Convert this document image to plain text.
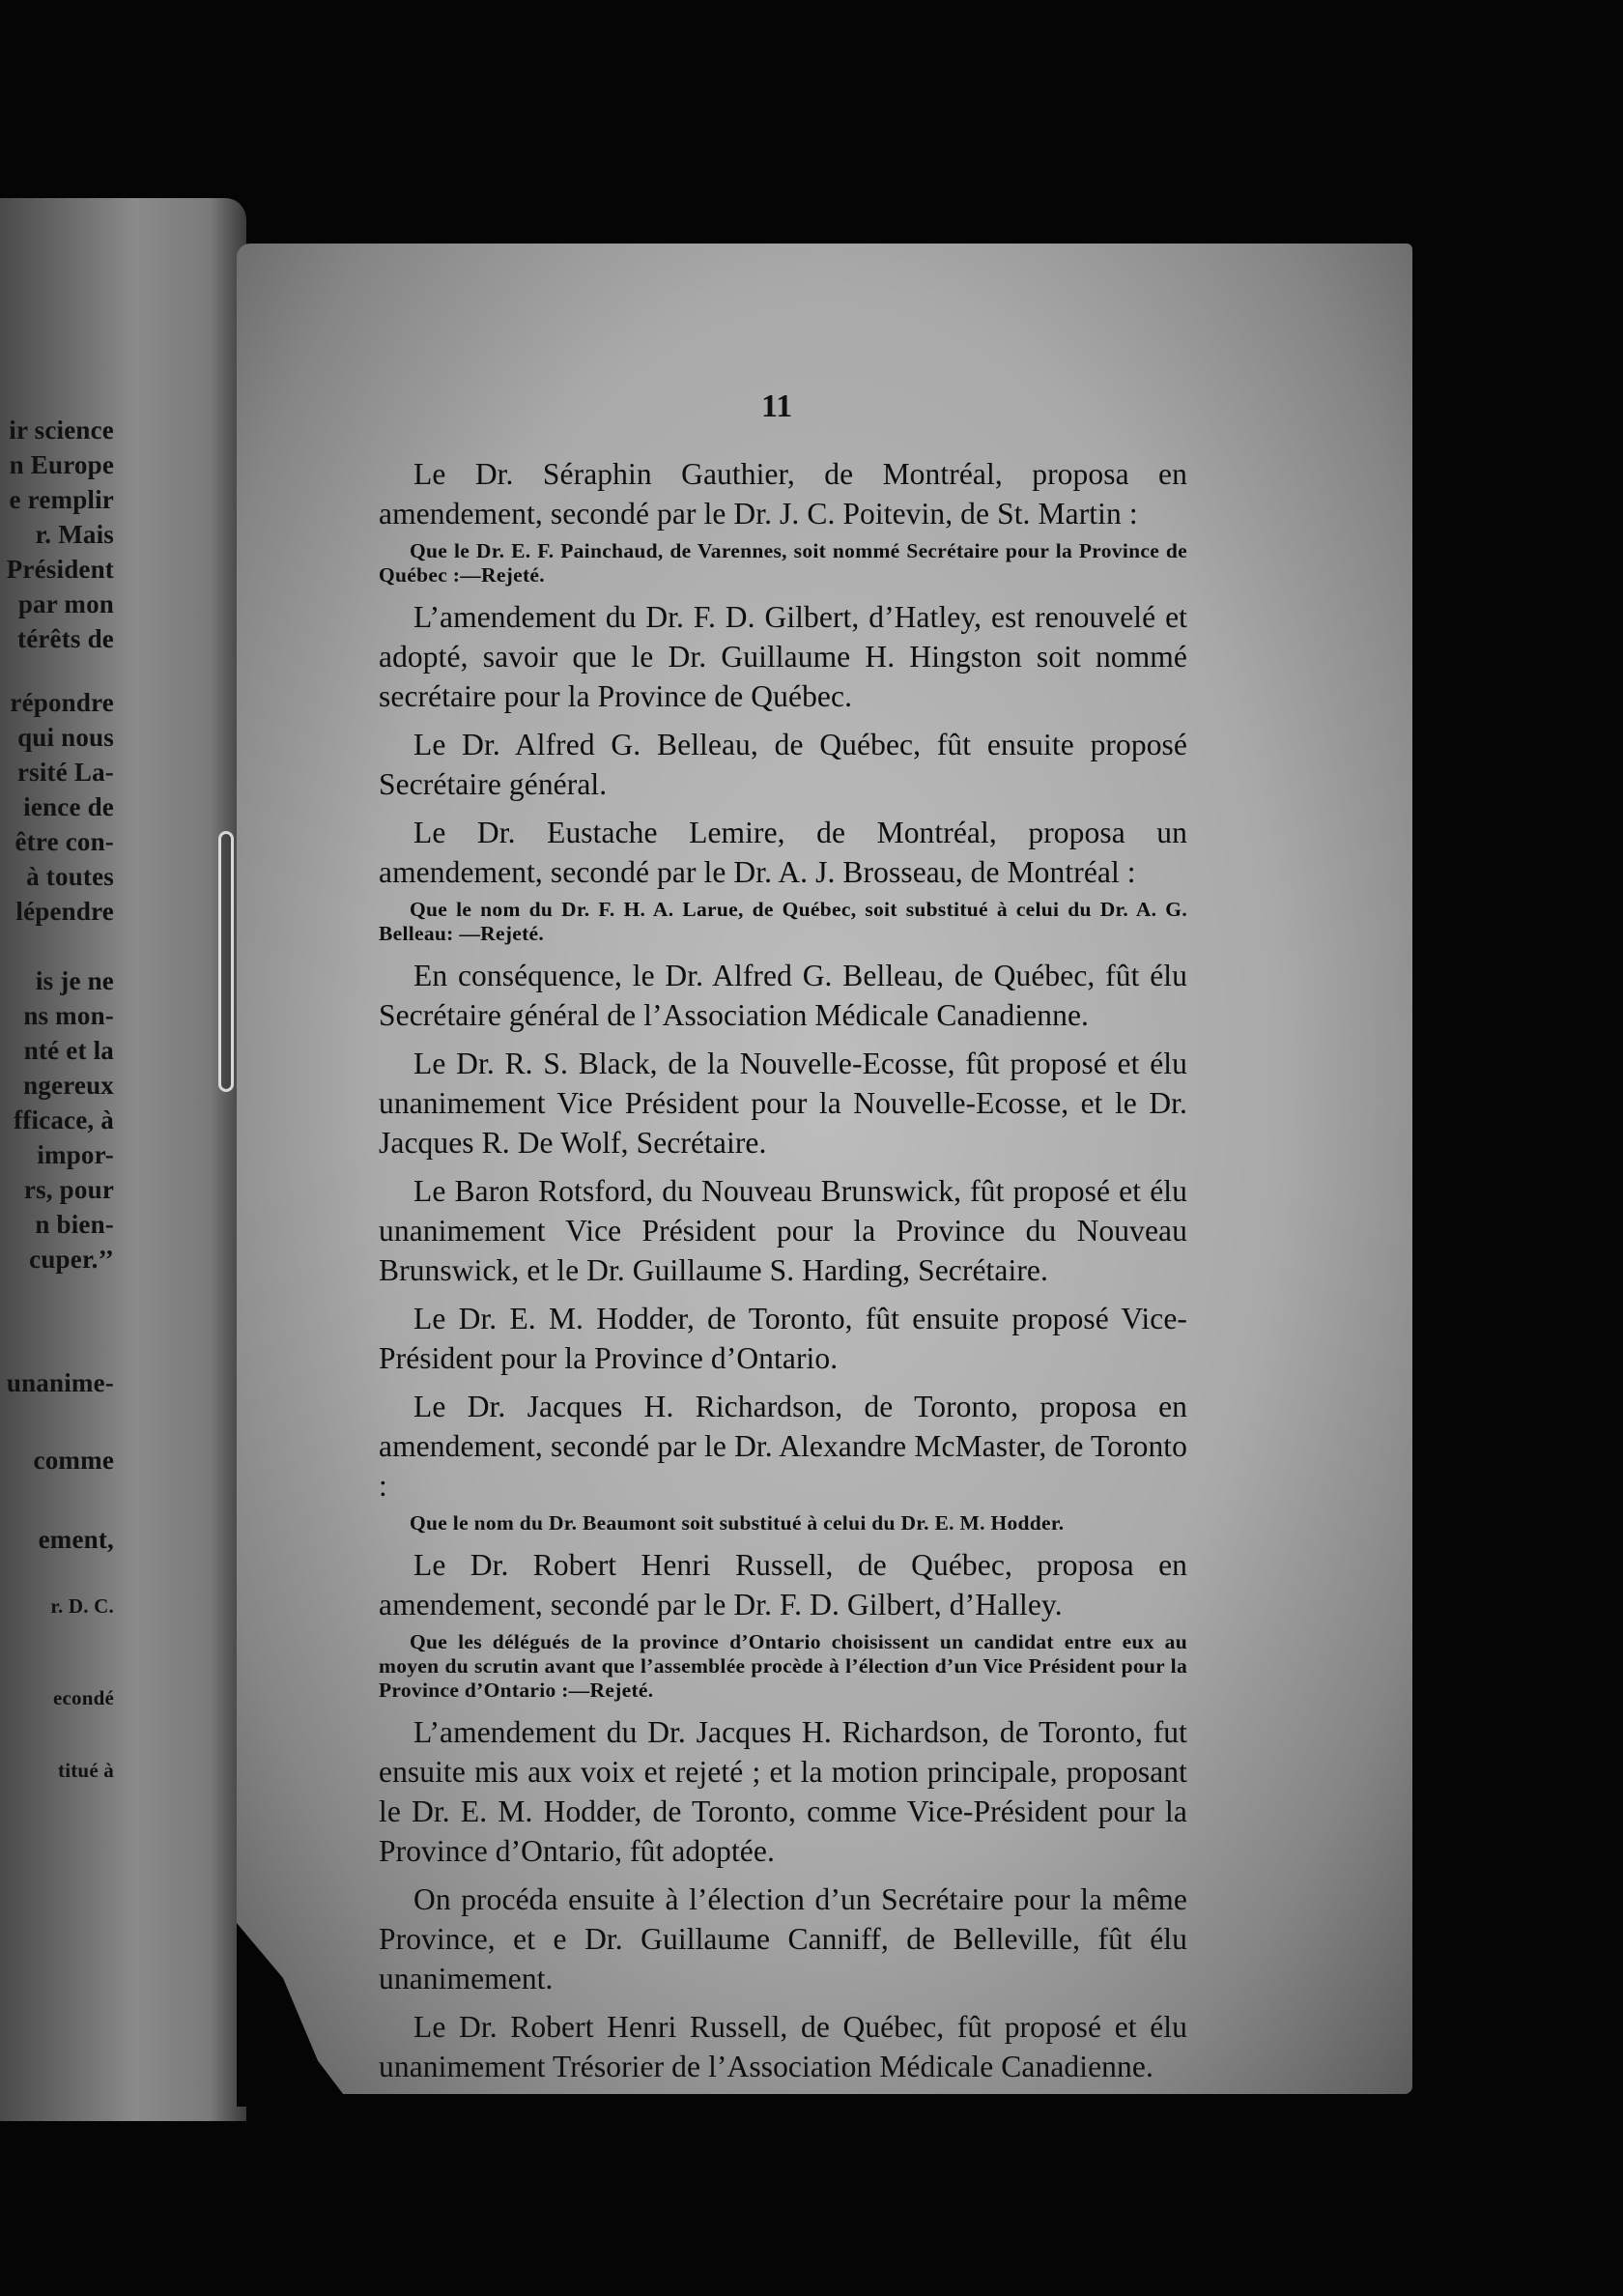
11

Le Dr. Séraphin Gauthier, de Montréal, proposa en amendement, secondé par le Dr. J. C. Poitevin, de St. Martin :

Que le Dr. E. F. Painchaud, de Varennes, soit nommé Secrétaire pour la Province de Québec :—Rejeté.

L’amendement du Dr. F. D. Gilbert, d’Hatley, est renouvelé et adopté, savoir que le Dr. Guillaume H. Hingston soit nommé secrétaire pour la Province de Québec.

Le Dr. Alfred G. Belleau, de Québec, fût ensuite proposé Secrétaire général.

Le Dr. Eustache Lemire, de Montréal, proposa un amendement, secondé par le Dr. A. J. Brosseau, de Montréal :

Que le nom du Dr. F. H. A. Larue, de Québec, soit substitué à celui du Dr. A. G. Belleau: —Rejeté.

En conséquence, le Dr. Alfred G. Belleau, de Québec, fût élu Secrétaire général de l’Association Médicale Canadienne.

Le Dr. R. S. Black, de la Nouvelle-Ecosse, fût proposé et élu unanimement Vice Président pour la Nouvelle-Ecosse, et le Dr. Jacques R. De Wolf, Secrétaire.

Le Baron Rotsford, du Nouveau Brunswick, fût proposé et élu unanimement Vice Président pour la Province du Nouveau Brunswick, et le Dr. Guillaume S. Harding, Secrétaire.

Le Dr. E. M. Hodder, de Toronto, fût ensuite proposé Vice-Président pour la Province d’Ontario.

Le Dr. Jacques H. Richardson, de Toronto, proposa en amendement, secondé par le Dr. Alexandre McMaster, de Toronto :

Que le nom du Dr. Beaumont soit substitué à celui du Dr. E. M. Hodder.

Le Dr. Robert Henri Russell, de Québec, proposa en amendement, secondé par le Dr. F. D. Gilbert, d’Halley.

Que les délégués de la province d’Ontario choisissent un candidat entre eux au moyen du scrutin avant que l’assemblée procède à l’élection d’un Vice Président pour la Province d’Ontario :—Rejeté.

L’amendement du Dr. Jacques H. Richardson, de Toronto, fut ensuite mis aux voix et rejeté ; et la motion principale, proposant le Dr. E. M. Hodder, de Toronto, comme Vice-Président pour la Province d’Ontario, fût adoptée.

On procéda ensuite à l’élection d’un Secrétaire pour la même Province, et e Dr. Guillaume Canniff, de Belleville, fût élu unanimement.

Le Dr. Robert Henri Russell, de Québec, fût proposé et élu unanimement Trésorier de l’Association Médicale Canadienne.

ir science
n Europe
e remplir
r. Mais
Président
par mon
térêts de
répondre
qui nous
rsité La-
ience de
être con-
à toutes
lépendre
is je ne
ns mon-
nté et la
ngereux
fficace, à
impor-
rs, pour
n bien-
cuper.’’
unanime-
comme
ement,
r. D. C.
econdé
titué à
